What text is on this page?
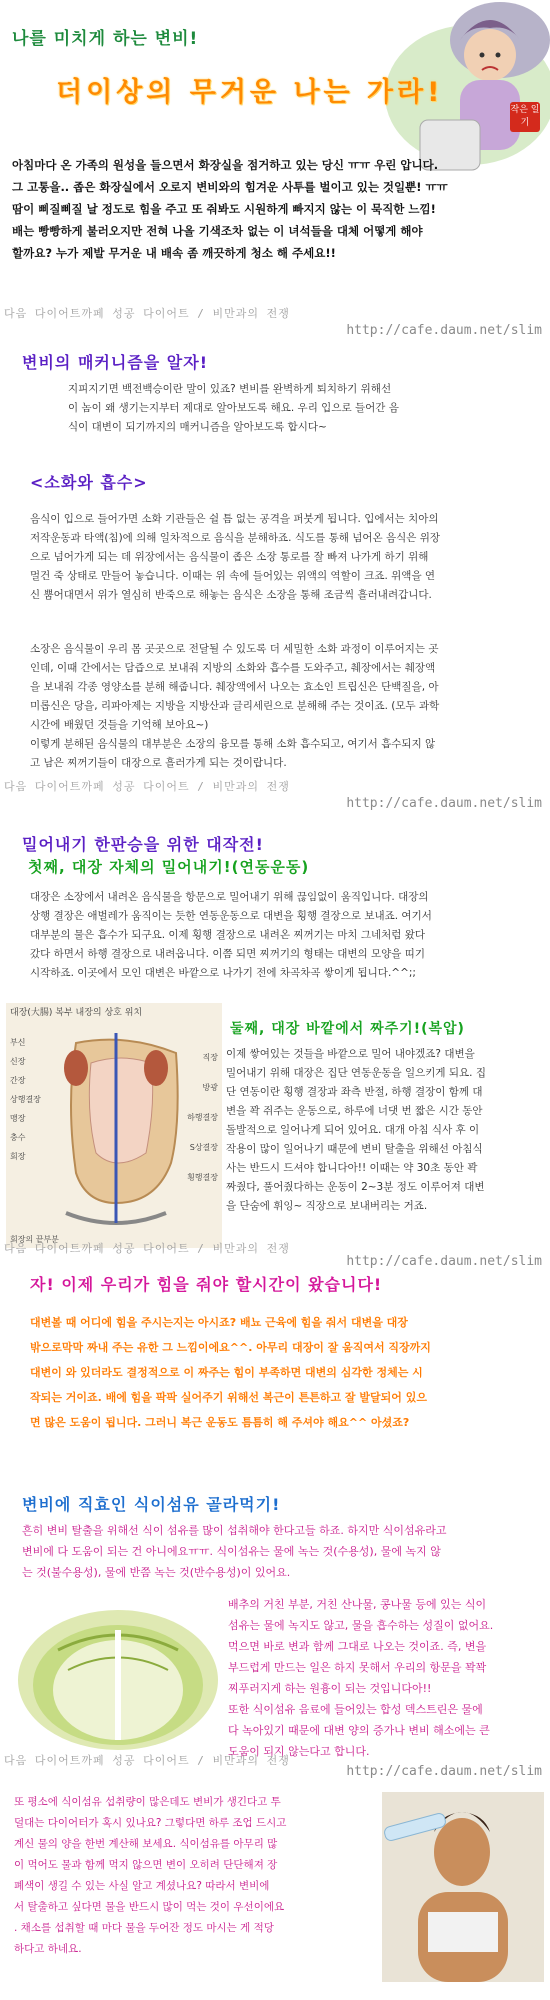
나를 미치게 하는 변비!
더이상의 무거운 나는 가라!
작은 일기

아침마다 온 가족의 원성을 들으면서 화장실을 점거하고 있는 당신 ㅠㅠ 우린 압니다.

그 고통을.. 좁은 화장실에서 오로지 변비와의 힘겨운 사투를 벌이고 있는 것일뿐! ㅠㅠ

땀이 삐질삐질 날 정도로 힘을 주고 또 줘봐도 시원하게 빠지지 않는 이 묵직한 느낌!

배는 빵빵하게 불러오지만 전혀 나올 기색조차 없는 이 녀석들을 대체 어떻게 해야

할까요? 누가 제발 무거운 내 배속 좀 깨끗하게 청소 해 주세요!!

다음 다이어트까페 성공 다이어트 / 비만과의 전쟁
http://cafe.daum.net/slim
변비의 매커니즘을 알자!

지피지기면 백전백승이란 말이 있죠? 변비를 완벽하게 퇴치하기 위해선

이 놈이 왜 생기는지부터 제대로 알아보도록 해요. 우리 입으로 들어간 음

식이 대변이 되기까지의 매커니즘을 알아보도록 합시다~

<소화와 흡수>

음식이 입으로 들어가면 소화 기관들은 쉴 틈 없는 공격을 퍼붓게 됩니다. 입에서는 치아의

저작운동과 타액(침)에 의해 일차적으로 음식을 분해하죠. 식도를 통해 넘어온 음식은 위장

으로 넘어가게 되는 데 위장에서는 음식물이 좁은 소장 통로를 잘 빠져 나가게 하기 위해

멀건 죽 상태로 만들어 놓습니다. 이때는 위 속에 들어있는 위액의 역할이 크죠. 위액을 연

신 뿜어대면서 위가 열심히 반죽으로 해놓는 음식은 소장을 통해 조금씩 흘러내려갑니다.

소장은 음식물이 우리 몸 곳곳으로 전달될 수 있도록 더 세밀한 소화 과정이 이루어지는 곳

인데, 이때 간에서는 담즙으로 보내줘 지방의 소화와 흡수를 도와주고, 췌장에서는 췌장액

을 보내줘 각종 영양소를 분해 해줍니다. 췌장액에서 나오는 효소인 트립신은 단백질을, 아

미롭신은 당을, 리파아제는 지방을 지방산과 글리세린으로 분해해 주는 것이죠. (모두 과학

시간에 배웠던 것들을 기억해 보아요~)

이렇게 분해된 음식물의 대부분은 소장의 융모를 통해 소화 흡수되고, 여기서 흡수되지 않

고 남은 찌꺼기들이 대장으로 흘러가게 되는 것이랍니다.

다음 다이어트까페 성공 다이어트 / 비만과의 전쟁
http://cafe.daum.net/slim
밀어내기 한판승을 위한 대작전!
첫째, 대장 자체의 밀어내기!(연동운동)

대장은 소장에서 내려온 음식물을 항문으로 밀어내기 위해 끊임없이 움직입니다. 대장의

상행 결장은 애벌레가 움직이는 듯한 연동운동으로 대변을 횡행 결장으로 보내죠. 여기서

대부분의 물은 흡수가 되구요. 이제 횡행 결장으로 내려온 찌꺼기는 마치 그네처럼 왔다

갔다 하면서 하행 결장으로 내려옵니다. 이쯤 되면 찌꺼기의 형태는 대변의 모양을 띠기

시작하죠. 이곳에서 모인 대변은 바깥으로 나가기 전에 차곡차곡 쌓이게 됩니다.^^;;

대장(大腸) 복부 내장의 상호 위치
부신
신장
간장
상행결장
맹장
충수
회장
직장
방광
하행결장
S상결장
횡행결장
회장의 끝부분
둘째, 대장 바깥에서 짜주기!(복압)

이제 쌓여있는 것들을 바깥으로 밀어 내야겠죠? 대변을

밀어내기 위해 대장은 집단 연동운동을 일으키게 되요. 집

단 연동이란 횡행 결장과 좌측 반절, 하행 결장이 함께 대

변을 꽉 쥐주는 운동으로, 하루에 너댓 번 짧은 시간 동안

돌발적으로 일어나게 되어 있어요. 대개 아침 식사 후 이

작용이 많이 일어나기 때문에 변비 탈출을 위해선 아침식

사는 반드시 드셔야 합니다아!! 이때는 약 30초 동안 꽉

짜줬다, 풀어줬다하는 운동이 2~3분 정도 이루어져 대변

을 단숨에 휘잉~ 직장으로 보내버리는 거죠.

다음 다이어트까페 성공 다이어트 / 비만과의 전쟁
http://cafe.daum.net/slim
자! 이제 우리가 힘을 줘야 할시간이 왔습니다!

대변볼 때 어디에 힘을 주시는지는 아시죠? 배뇨 근육에 힘을 줘서 대변을 대장

밖으로막막 짜내 주는 유한 그 느낌이에요^^. 아무리 대장이 잘 움직여서 직장까지

대변이 와 있더라도 결정적으로 이 짜주는 힘이 부족하면 대변의 심각한 정체는 시

작되는 거이죠. 배에 힘을 팍팍 실어주기 위해선 복근이 튼튼하고 잘 발달되어 있으

면 많은 도움이 됩니다. 그러니 복근 운동도 틈틈히 해 주셔야 해요^^ 아셨죠?

변비에 직효인 식이섬유 골라먹기!

흔히 변비 탈출을 위해선 식이 섬유를 많이 섭취해야 한다고들 하죠. 하지만 식이섬유라고

변비에 다 도움이 되는 건 아니에요ㅠㅠ. 식이섬유는 물에 녹는 것(수용성), 물에 녹지 않

는 것(불수용성), 물에 반쯤 녹는 것(반수용성)이 있어요.

배추의 거친 부분, 거친 산나물, 콩나물 등에 있는 식이

섬유는 물에 녹지도 않고, 물을 흡수하는 성질이 없어요.

먹으면 바로 변과 함께 그대로 나오는 것이죠. 즉, 변을

부드럽게 만드는 일은 하지 못해서 우리의 항문을 꽉꽉

찌푸러지게 하는 원흉이 되는 것입니다아!!

또한 식이섬유 음료에 들어있는 합성 덱스트린은 물에

다 녹아있기 때문에 대변 양의 증가나 변비 해소에는 큰

도움이 되지 않는다고 합니다.

다음 다이어트까페 성공 다이어트 / 비만과의 전쟁
http://cafe.daum.net/slim

또 평소에 식이섬유 섭취량이 많은데도 변비가 생긴다고 투

덜대는 다이어터가 혹시 있나요? 그렇다면 하루 조업 드시고

계신 물의 양을 한번 계산해 보세요. 식이섬유를 아무리 많

이 먹어도 물과 함께 먹지 않으면 변이 오히려 단단해져 장

폐색이 생길 수 있는 사실 알고 계셨나요? 따라서 변비에

서 탈출하고 싶다면 물을 반드시 많이 먹는 것이 우선이에요

. 채소를 섭취할 때 마다 물을 두어잔 정도 마시는 게 적당

하다고 하네요.
